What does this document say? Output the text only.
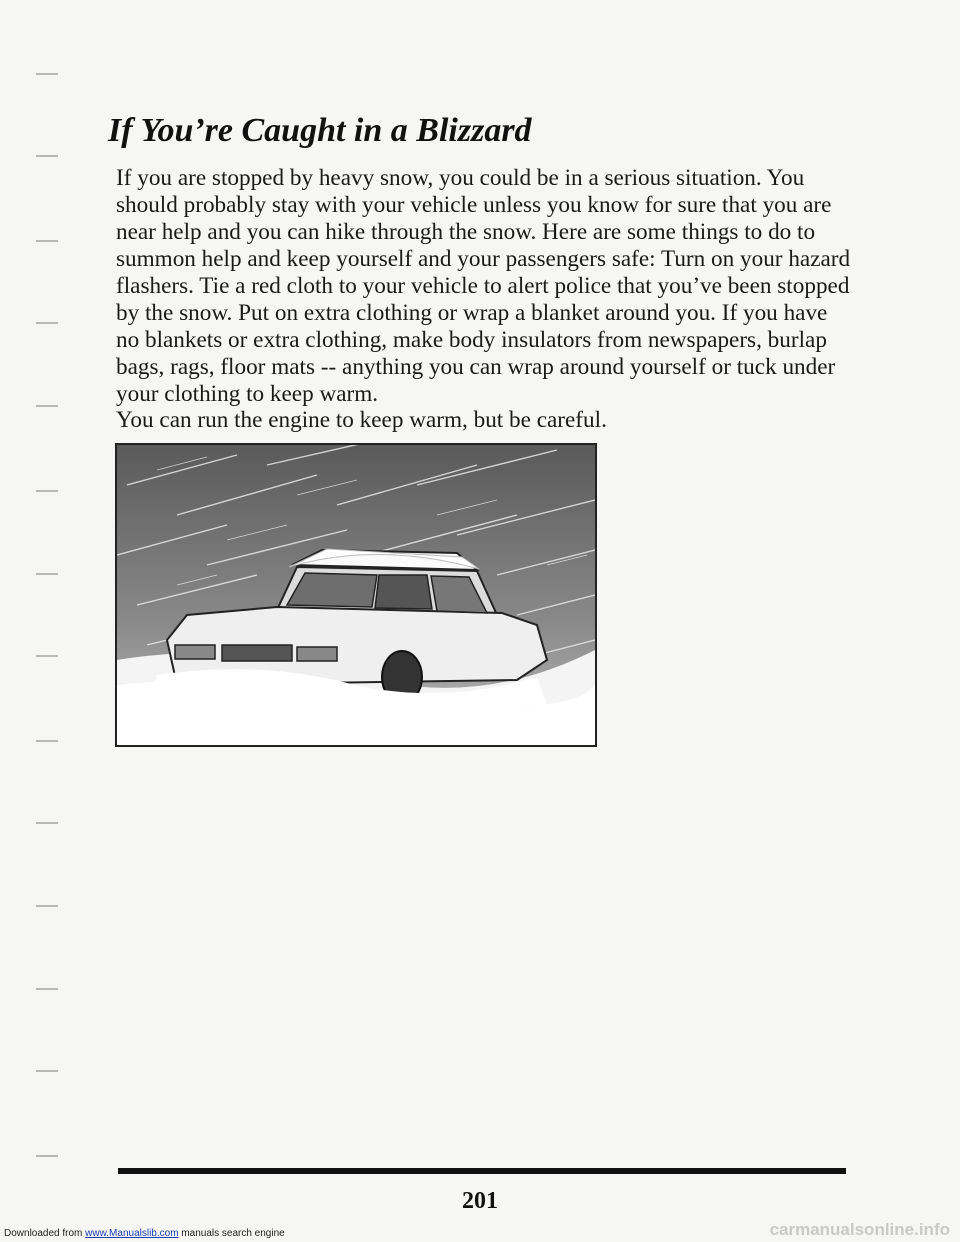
If You’re Caught in a Blizzard

If you are stopped by heavy snow, you could be in a serious situation. You should probably stay with your vehicle unless you know for sure that you are near help and you can hike through the snow. Here are some things to do to summon help and keep yourself and your passengers safe: Turn on your hazard flashers. Tie a red cloth to your vehicle to alert police that you’ve been stopped by the snow. Put on extra clothing or wrap a blanket around you. If you have no blankets or extra clothing, make body insulators from newspapers, burlap bags, rags, floor mats -- anything you can wrap around yourself or tuck under your clothing to keep warm.

You can run the engine to keep warm, but be careful.

201
Downloaded from www.Manualslib.com manuals search engine	carmanualsonline.info
